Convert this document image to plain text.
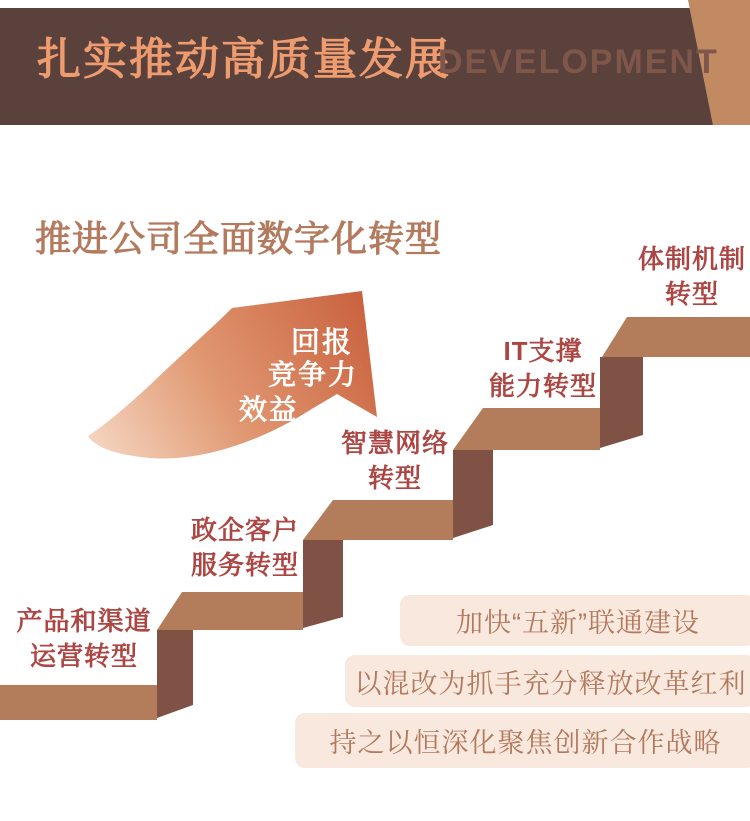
扎实推动高质量发展
DEVELOPMENT
推进公司全面数字化转型
回报
竞争力
效益
产品和渠道
运营转型
政企客户
服务转型
智慧网络
转型
IT支撑
能力转型
体制机制
转型
加快“五新”联通建设
以混改为抓手充分释放改革红利
持之以恒深化聚焦创新合作战略
